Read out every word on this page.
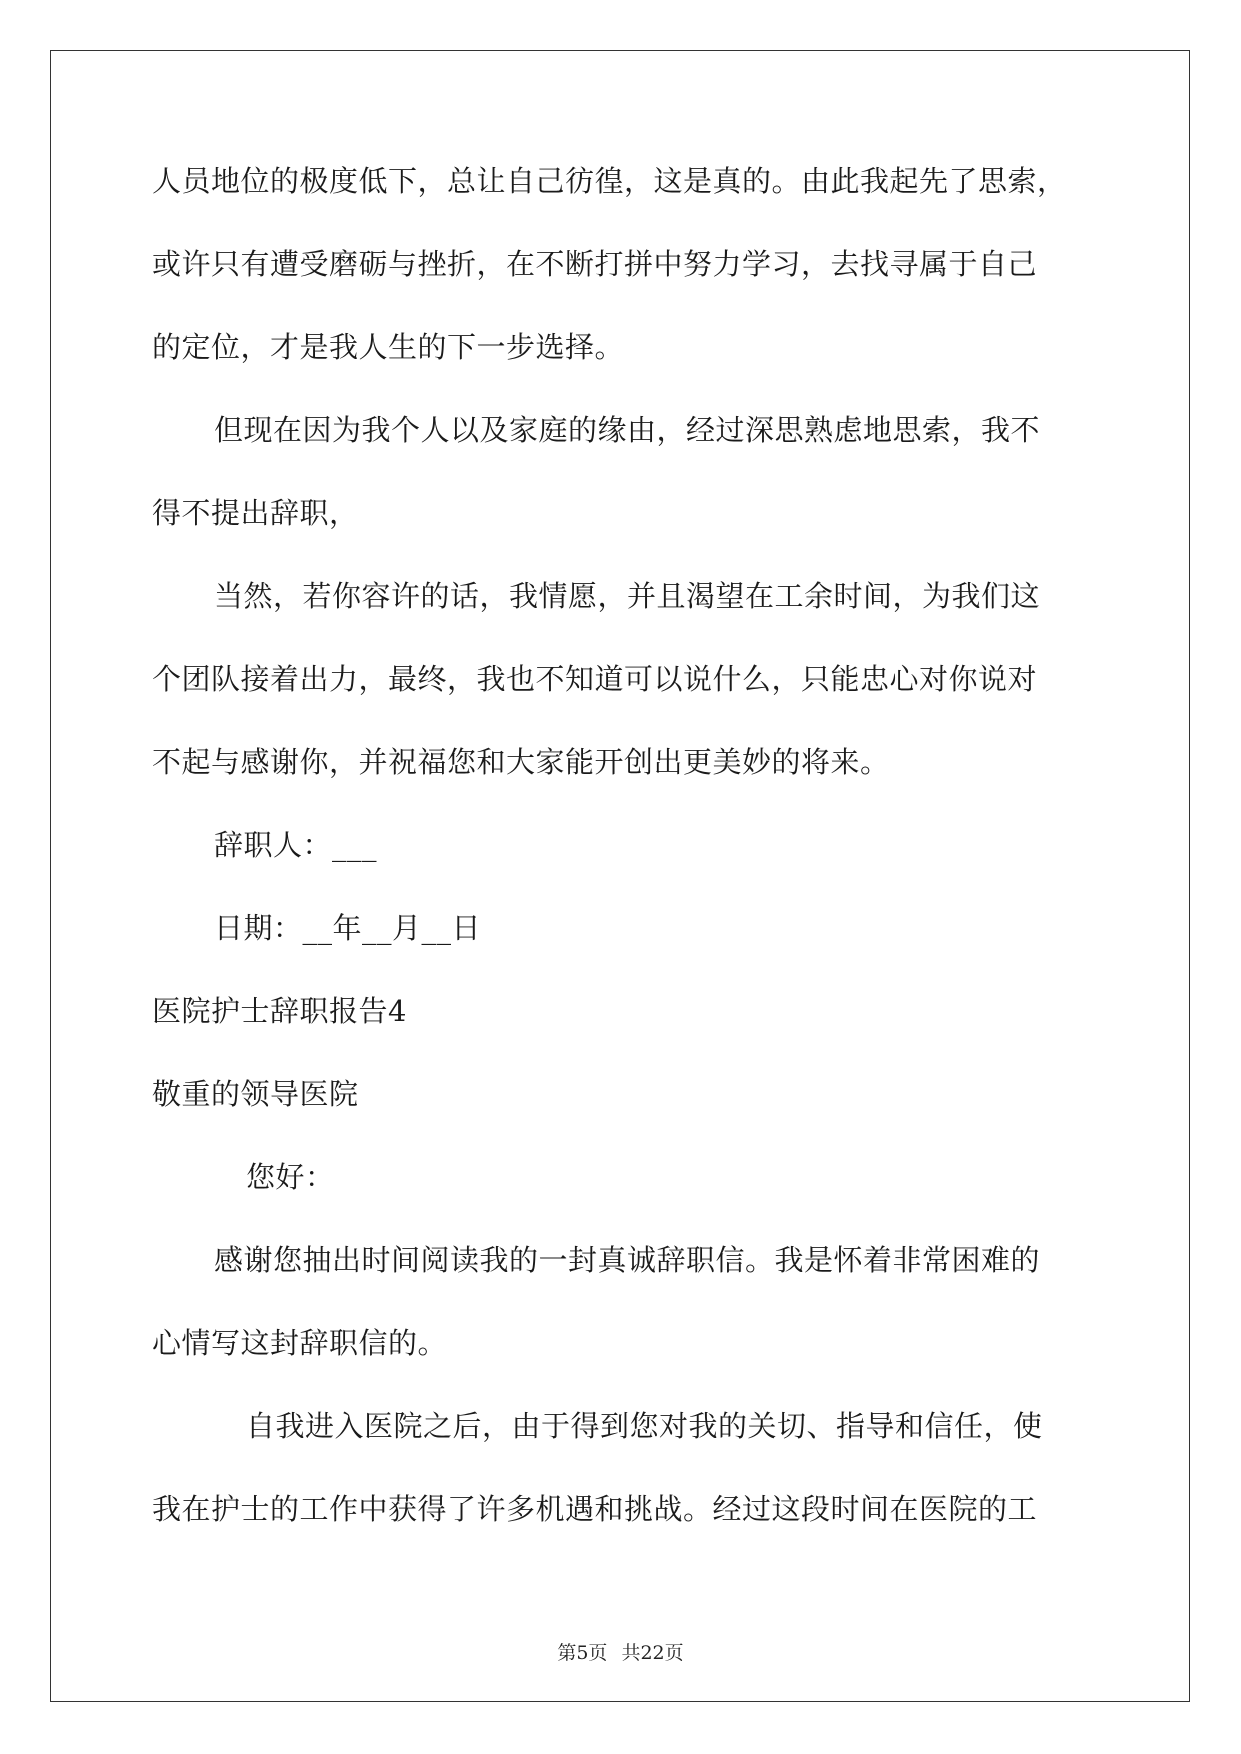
人员地位的极度低下，总让自己彷徨，这是真的。由此我起先了思索，
或许只有遭受磨砺与挫折，在不断打拼中努力学习，去找寻属于自己
的定位，才是我人生的下一步选择。
但现在因为我个人以及家庭的缘由，经过深思熟虑地思索，我不
得不提出辞职，
当然，若你容许的话，我情愿，并且渴望在工余时间，为我们这
个团队接着出力，最终，我也不知道可以说什么，只能忠心对你说对
不起与感谢你，并祝福您和大家能开创出更美妙的将来。
辞职人：___
日期：__年__月__日
医院护士辞职报告4
敬重的领导医院
您好：
感谢您抽出时间阅读我的一封真诚辞职信。我是怀着非常困难的
心情写这封辞职信的。
自我进入医院之后，由于得到您对我的关切、指导和信任，使
我在护士的工作中获得了许多机遇和挑战。经过这段时间在医院的工
第5页 共22页
